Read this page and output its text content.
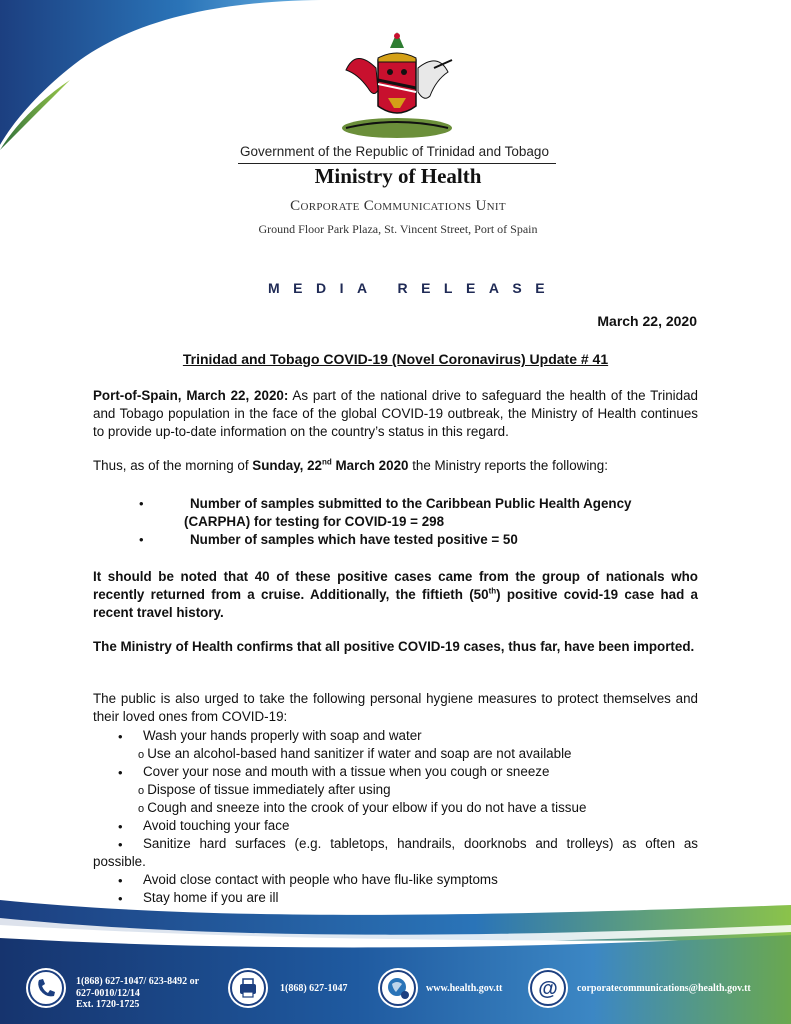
Government of the Republic of Trinidad and Tobago
Ministry of Health
Corporate Communications Unit
Ground Floor Park Plaza, St. Vincent Street, Port of Spain
MEDIA RELEASE
March 22, 2020
Trinidad and Tobago COVID-19 (Novel Coronavirus) Update # 41
Port-of-Spain, March 22, 2020: As part of the national drive to safeguard the health of the Trinidad and Tobago population in the face of the global COVID-19 outbreak, the Ministry of Health continues to provide up-to-date information on the country’s status in this regard.
Thus, as of the morning of Sunday, 22nd March 2020 the Ministry reports the following:
•	Number of samples submitted to the Caribbean Public Health Agency
(CARPHA) for testing for COVID-19 = 298
•	Number of samples which have tested positive = 50
It should be noted that 40 of these positive cases came from the group of nationals who recently returned from a cruise. Additionally, the fiftieth (50th) positive covid-19 case had a recent travel history.
The Ministry of Health confirms that all positive COVID-19 cases, thus far, have been imported.
The public is also urged to take the following personal hygiene measures to protect themselves and their loved ones from COVID-19:
• Wash your hands properly with soap and water
o Use an alcohol-based hand sanitizer if water and soap are not available
• Cover your nose and mouth with a tissue when you cough or sneeze
o Dispose of tissue immediately after using
o Cough and sneeze into the crook of your elbow if you do not have a tissue
• Avoid touching your face
• Sanitize hard surfaces (e.g. tabletops, handrails, doorknobs and trolleys) as often as
possible.
• Avoid close contact with people who have flu-like symptoms
• Stay home if you are ill
1(868) 627-1047/ 623-8492 or
627-0010/12/14
Ext. 1720-1725
1(868) 627-1047	www.health.gov.tt @ corporatecommunications@health.gov.tt
